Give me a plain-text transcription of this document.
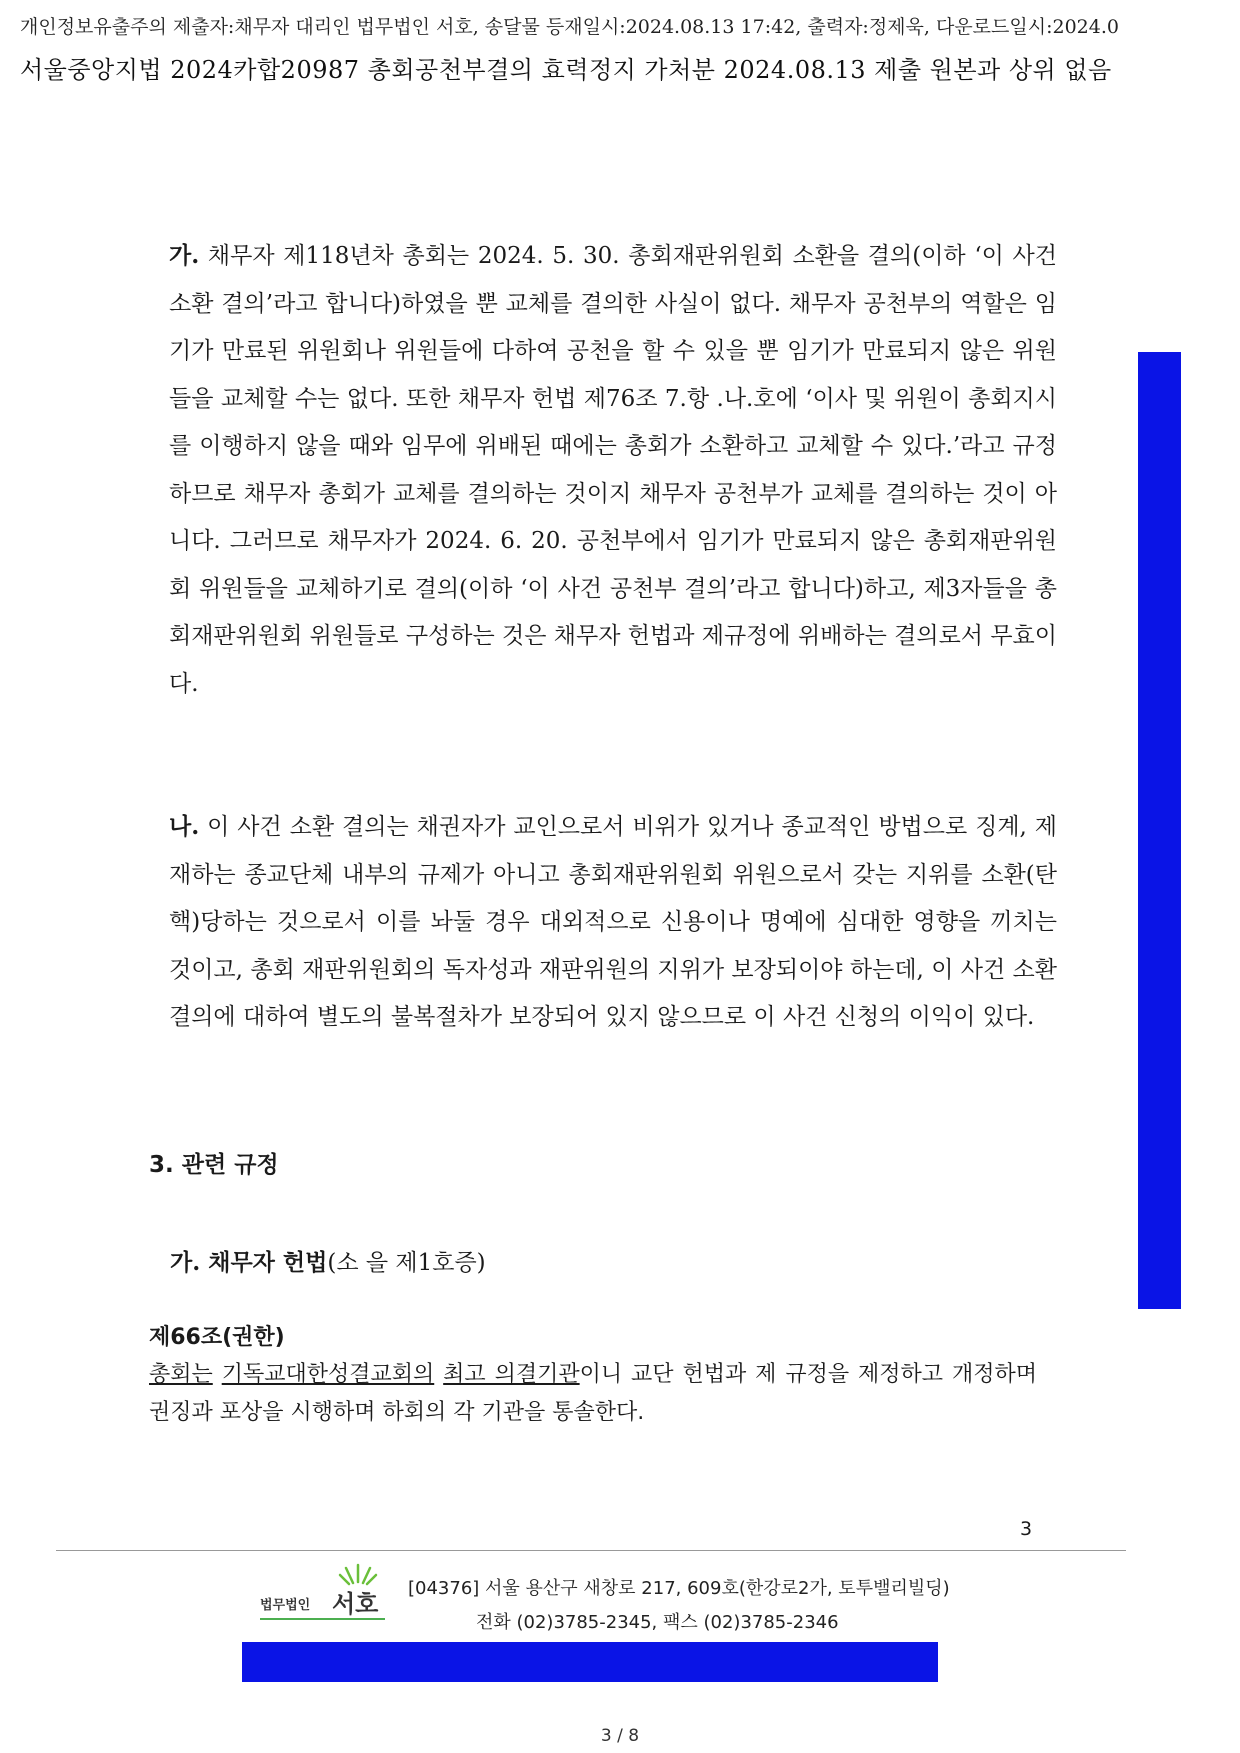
개인정보유출주의 제출자:채무자 대리인 법무법인 서호, 송달물 등재일시:2024.08.13 17:42, 출력자:정제욱, 다운로드일시:2024.0
서울중앙지법 2024카합20987 총회공천부결의 효력정지 가처분 2024.08.13 제출 원본과 상위 없음
가. 채무자 제118년차 총회는 2024. 5. 30. 총회재판위원회 소환을 결의(이하 ‘이 사건 소환 결의’라고 합니다)하였을 뿐 교체를 결의한 사실이 없다. 채무자 공천부의 역할은 임기가 만료된 위원회나 위원들에 다하여 공천을 할 수 있을 뿐 임기가 만료되지 않은 위원들을 교체할 수는 없다. 또한 채무자 헌법 제76조 7.항 .나.호에 ‘이사 및 위원이 총회지시를 이행하지 않을 때와 임무에 위배된 때에는 총회가 소환하고 교체할 수 있다.’라고 규정하므로 채무자 총회가 교체를 결의하는 것이지 채무자 공천부가 교체를 결의하는 것이 아니다. 그러므로 채무자가 2024. 6. 20. 공천부에서 임기가 만료되지 않은 총회재판위원회 위원들을 교체하기로 결의(이하 ‘이 사건 공천부 결의’라고 합니다)하고, 제3자들을 총회재판위원회 위원들로 구성하는 것은 채무자 헌법과 제규정에 위배하는 결의로서 무효이다.
나. 이 사건 소환 결의는 채권자가 교인으로서 비위가 있거나 종교적인 방법으로 징계, 제재하는 종교단체 내부의 규제가 아니고 총회재판위원회 위원으로서 갖는 지위를 소환(탄핵)당하는 것으로서 이를 놔둘 경우 대외적으로 신용이나 명예에 심대한 영향을 끼치는 것이고, 총회 재판위원회의 독자성과 재판위원의 지위가 보장되이야 하는데, 이 사건 소환 결의에 대하여 별도의 불복절차가 보장되어 있지 않으므로 이 사건 신청의 이익이 있다.
3. 관련 규정
가. 채무자 헌법(소 을 제1호증)
제66조(권한)
총회는 기독교대한성결교회의 최고 의결기관이니 교단 헌법과 제 규정을 제정하고 개정하며 권징과 포상을 시행하며 하회의 각 기관을 통솔한다.
3
법무법인 서호
[04376] 서울 용산구 새창로 217, 609호(한강로2가, 토투밸리빌딩)
전화 (02)3785-2345, 팩스 (02)3785-2346
3 / 8
